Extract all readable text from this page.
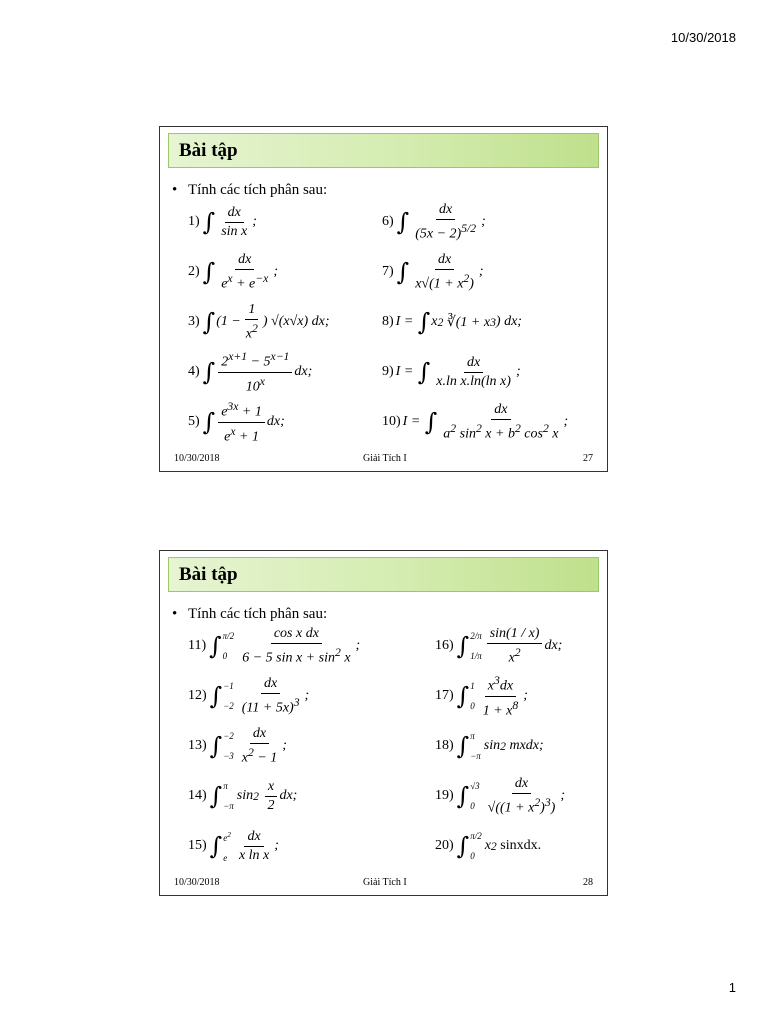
10/30/2018
Bài tập
• Tính các tích phân sau:
1) ∫ $\frac{dx}{\text{sin x}}$ ;
2) ∫ $\frac{dx}{e^x + e^{-x}}$ ;
3) ∫ ($1 - \frac{1}{x^2}$ ) √(x√x) dx;
4) ∫ $\frac{2^{x+1} - 5^{x-1}}{10^x}$ dx;
5) ∫ $\frac{e^{3x} + 1}{e^x + 1}$ dx;
6) ∫ $\frac{dx}{(5x - 2)^{5/2}}$ ;
7) ∫ $\frac{dx}{x√(1 + x^2)}$ ;
8) I = ∫ x 2 ∛(1 + x 3 ) dx;
9) I = ∫ $\frac{dx}{\text{x.ln x.ln(ln x)}}$ ;
10) I = ∫ $\frac{dx}{a^2 \sin^2 x + b^2 \cos^2 x}$ ;
10/30/2018	Giải Tích I	27
Bài tập
• Tính các tích phân sau:
11) ∫ π/2

$0 \frac{\text{cos x dx}}{6 - 5 \sin x + \sin^2 x}$ ;
12) ∫ −1

$-2 \frac{dx}{(11 + 5x)^3}$ ;
13) ∫ −2

$-3 \frac{dx}{x^2 - 1}$ ;
14) ∫ π

−π
sin 2
$\frac{x}{2}$ dx;
15) ∫ $e^2$

e $\frac{dx}{\text{x ln x}}$ ;
16) ∫ 2/π

$1/\pi \frac{\sin(1 / x)}{x^2}$ dx;
17) ∫ 1

$0 \frac{x^3dx}{1 + x^8}$ ;
18) ∫ π

−π
sin 2 mxdx;
19) ∫ √3

$0 \frac{dx}{√((1 + x^2)^3)}$ ;
20) ∫ π/2

0
x 2
sinxdx.
10/30/2018	Giải Tích I	28
1
